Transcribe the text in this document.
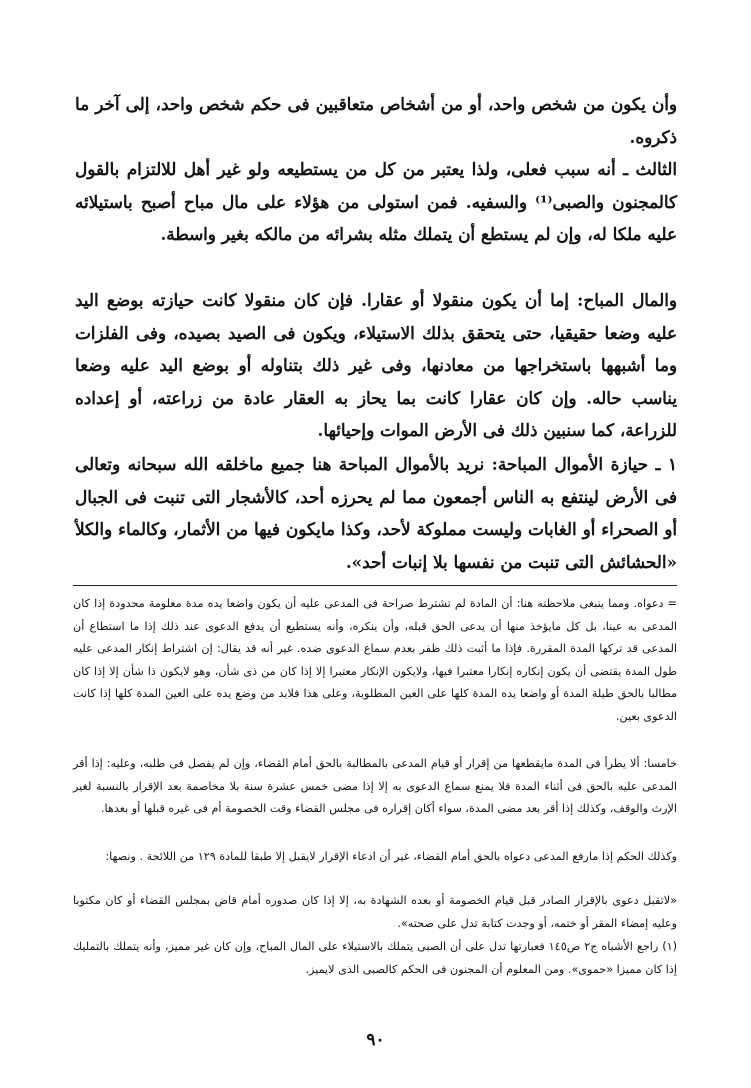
وأن يكون من شخص واحد، أو من أشخاص متعاقبين فى حكم شخص واحد، إلى آخر ما ذكروه.

الثالث ـ أنه سبب فعلى، ولذا يعتبر من كل من يستطيعه ولو غير أهل للالتزام بالقول كالمجنون والصبى⁽¹⁾ والسفيه. فمن استولى من هؤلاء على مال مباح أصبح باستيلائه عليه ملكا له، وإن لم يستطع أن يتملك مثله بشرائه من مالكه بغير واسطة.

والمال المباح: إما أن يكون منقولا أو عقارا. فإن كان منقولا كانت حيازته بوضع اليد عليه وضعا حقيقيا، حتى يتحقق بذلك الاستيلاء، ويكون فى الصيد بصيده، وفى الفلزات وما أشبهها باستخراجها من معادنها، وفى غير ذلك بتناوله أو بوضع اليد عليه وضعا يناسب حاله. وإن كان عقارا كانت بما يحاز به العقار عادة من زراعته، أو إعداده للزراعة، كما سنبين ذلك فى الأرض الموات وإحيائها.

١ ـ حيازة الأموال المباحة: نريد بالأموال المباحة هنا جميع ماخلقه الله سبحانه وتعالى فى الأرض لينتفع به الناس أجمعون مما لم يحرزه أحد، كالأشجار التى تنبت فى الجبال أو الصحراء أو الغابات وليست مملوكة لأحد، وكذا مايكون فيها من الأثمار، وكالماء والكلأ «الحشائش التى تنبت من نفسها بلا إنبات أحد».

= دعواه. ومما ينبغى ملاحظته هنا: أن المادة لم تشترط صراحة فى المدعى عليه أن يكون واضعا يده مدة معلومة محدودة إذا كان المدعى به عينا، بل كل مايؤخذ منها أن يدعى الحق قبله، وأن ينكره، وأنه يستطيع أن يدفع الدعوى عند ذلك إذا ما استطاع أن المدعى قد تركها المدة المقررة. فإذا ما أثبت ذلك ظفر بعدم سماع الدعوى ضده. غير أنه قد يقال: إن اشتراط إنكار المدعى عليه طول المدة يقتضى أن يكون إنكاره إنكارا معتبرا فيها، ولايكون الإنكار معتبرا إلا إذا كان من ذى شأن، وهو لايكون ذا شأن إلا إذا كان مطالبا بالحق طيلة المدة أو واضعا يده المدة كلها على العين المطلوبة، وعلى هذا فلابد من وضع يده على العين المدة كلها إذا كانت الدعوى بعين.

خامسا: ألا يطرأ فى المدة مايقطعها من إقرار أو قيام المدعى بالمطالبة بالحق أمام القضاء، وإن لم يفصل فى طلبه، وعليه: إذا أقر المدعى عليه بالحق فى أثناء المدة فلا يمنع سماع الدعوى به إلا إذا مضى خمس عشرة سنة بلا مخاصمة بعد الإقرار بالنسبة لغير الإرث والوقف، وكذلك إذا أقر بعد مضى المدة، سواء أكان إقراره فى مجلس القضاء وقت الخصومة أم فى غيره قبلها أو بعدها.

وكذلك الحكم إذا مارفع المدعى دعواه بالحق أمام القضاء، غير أن ادعاء الإقرار لايقبل إلا طبقا للمادة ١٢٩ من اللائحة . ونصها:

«لاتقبل دعوى بالإقرار الصادر قبل قيام الخصومة أو بعده الشهادة به، إلا إذا كان صدوره أمام قاض بمجلس القضاء أو كان مكتوبا وعليه إمضاء المقر أو ختمه، أو وجدت كتابة تدل على صحته».

(١) راجع الأشباه ج٢ ص١٤٥ فعبارتها تدل على أن الصبى يتملك بالاستيلاء على المال المباح، وإن كان غير مميز، وأنه يتملك بالتمليك إذا كان مميزا «حموى». ومن المعلوم أن المجنون فى الحكم كالصبى الذى لايميز.

٩٠
